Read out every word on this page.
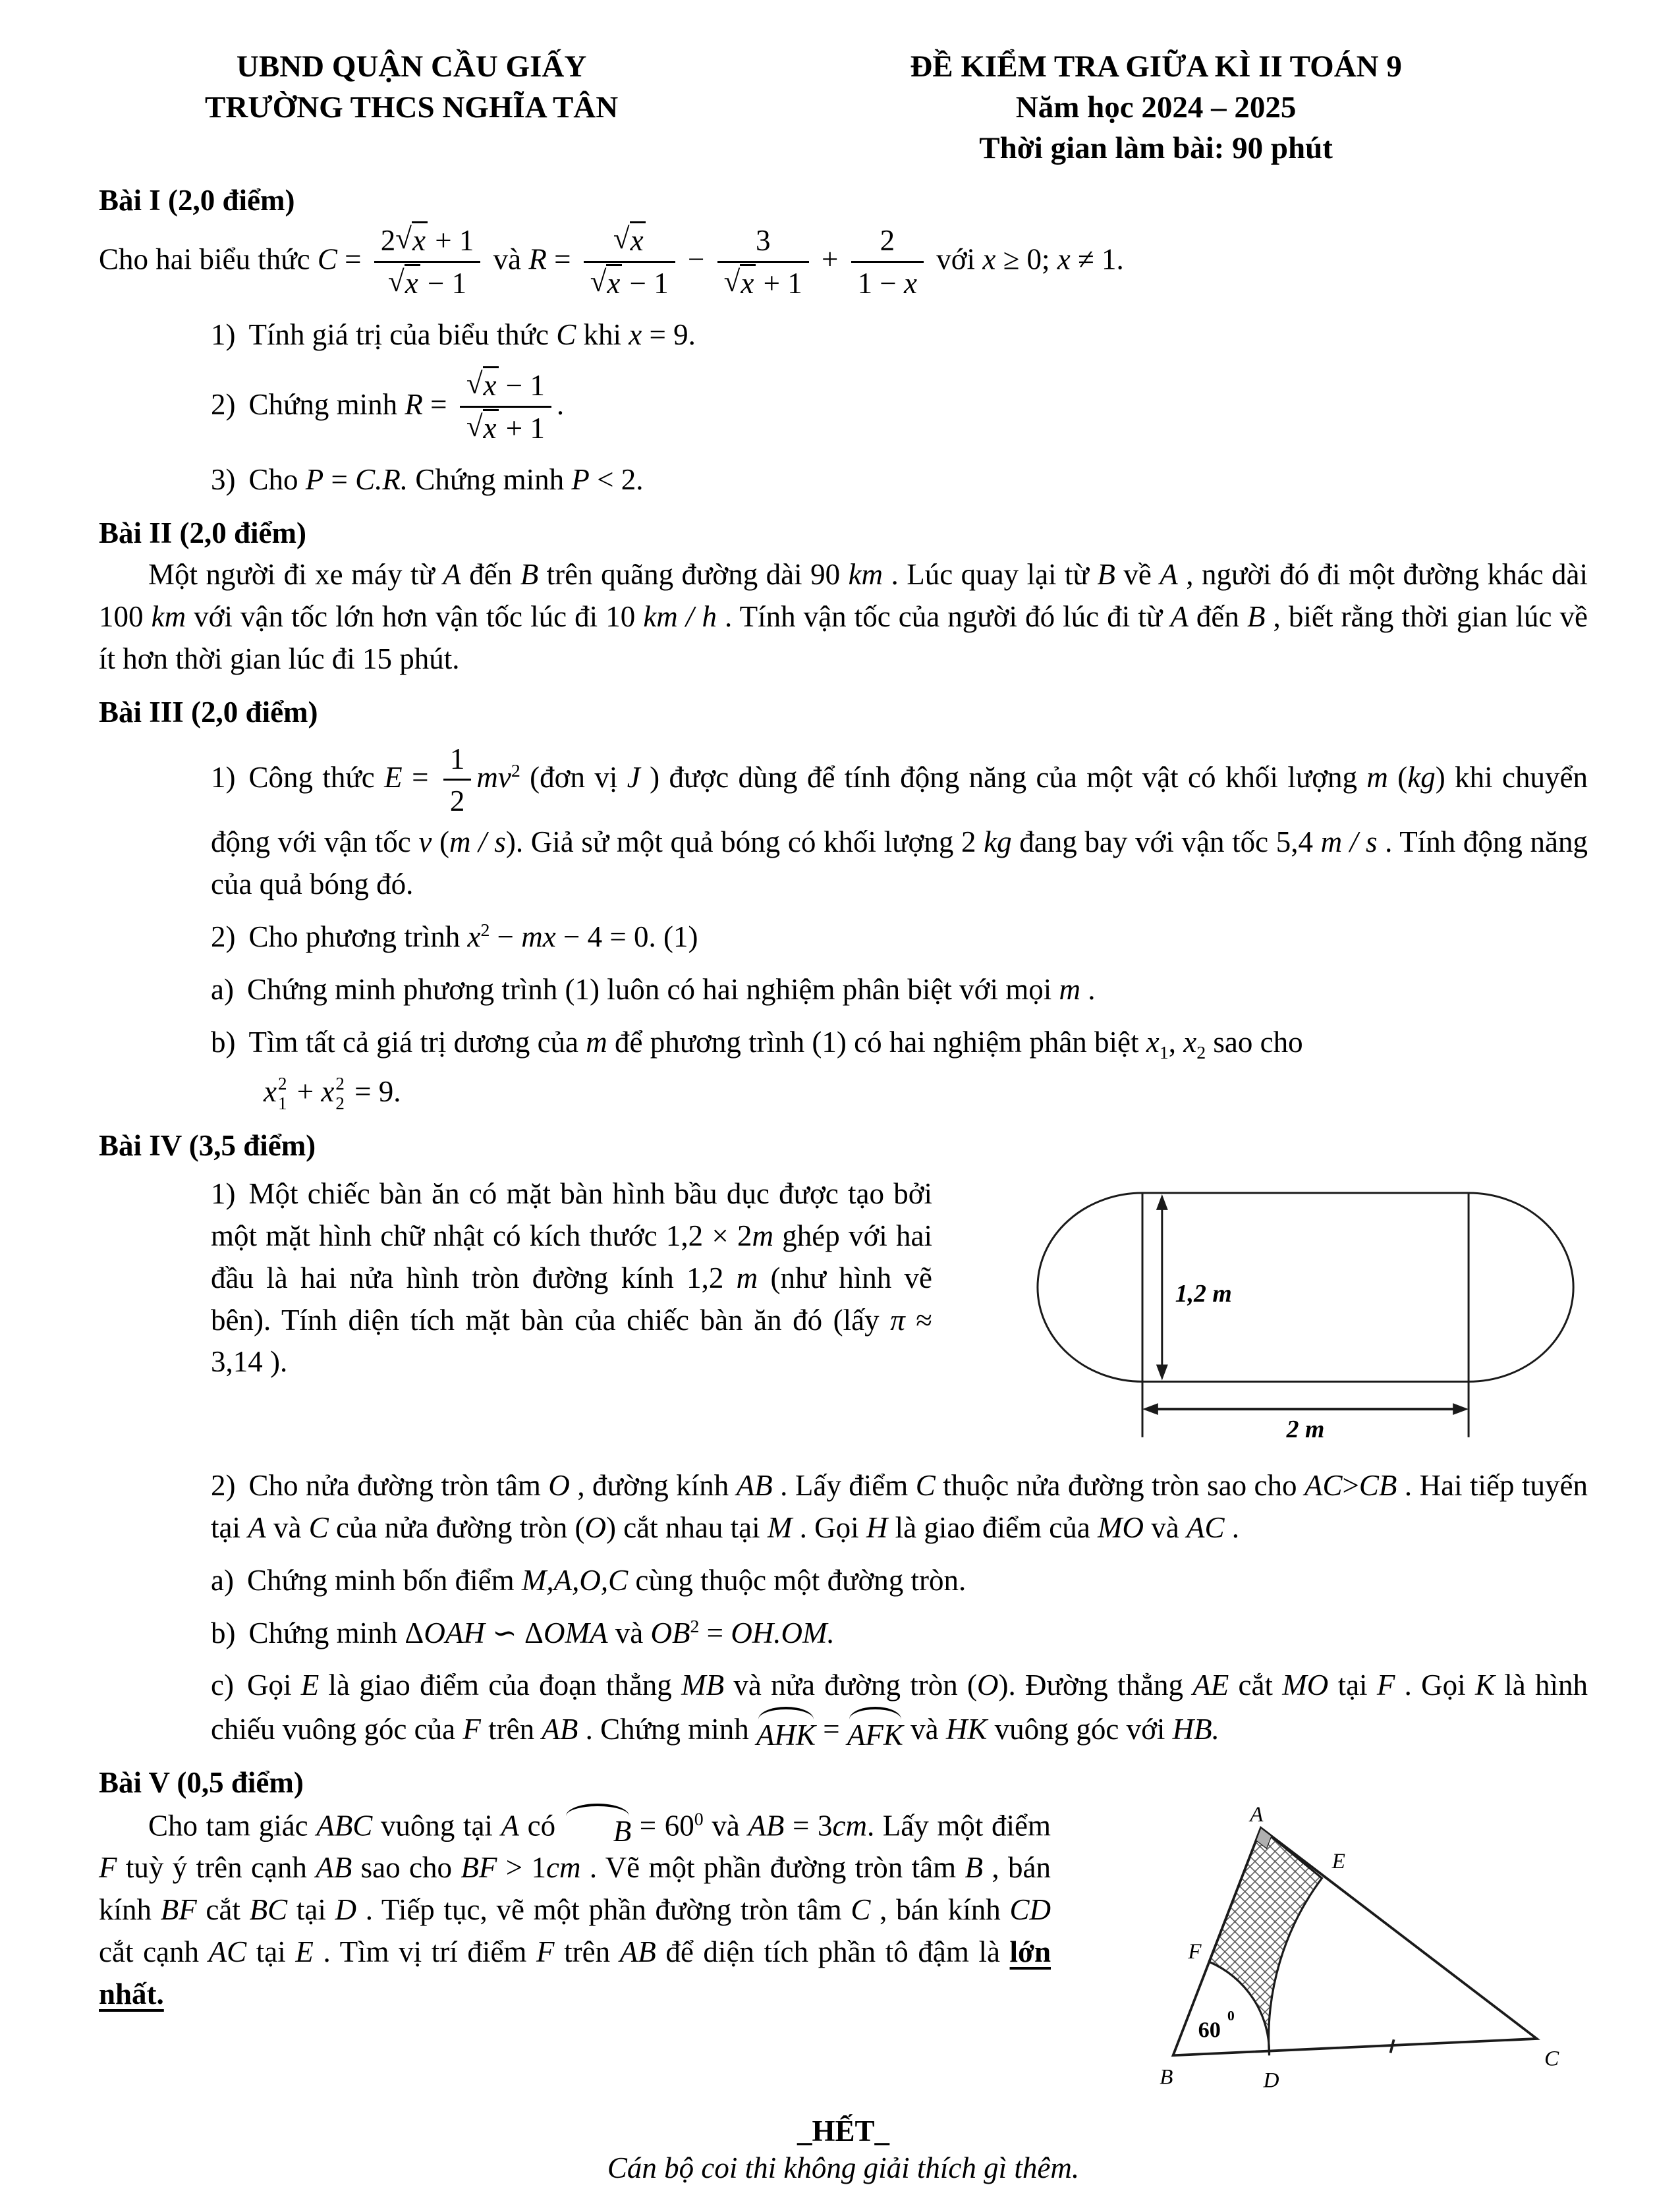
UBND QUẬN CẦU GIẤY
TRƯỜNG THCS NGHĨA TÂN
ĐỀ KIỂM TRA GIỮA KÌ II TOÁN 9
Năm học 2024 – 2025
Thời gian làm bài: 90 phút
Bài I (2,0 điểm)
Cho hai biểu thức $C = \frac{2√x + 1}{√x - 1}$ và $R = \frac{√x}{√x - 1} - \frac{3}{√x + 1} + \frac{2}{1 - x}$ với x ≥ 0; x ≠ 1.
1) Tính giá trị của biểu thức C khi x = 9.
2) Chứng minh $R = \frac{√x - 1}{√x + 1}$ .
3) Cho P = C.R. Chứng minh P < 2.
Bài II (2,0 điểm)
Một người đi xe máy từ A đến B trên quãng đường dài 90 km . Lúc quay lại từ B về A , người đó đi một đường khác dài 100 km với vận tốc lớn hơn vận tốc lúc đi 10 km / h . Tính vận tốc của người đó lúc đi từ A đến B , biết rằng thời gian lúc về ít hơn thời gian lúc đi 15 phút.
Bài III (2,0 điểm)
1) Công thức $E = \frac{1}{2} mv^2$ (đơn vị J ) được dùng để tính động năng của một vật có khối lượng m (kg) khi chuyển động với vận tốc v (m / s). Giả sử một quả bóng có khối lượng 2 kg đang bay với vận tốc 5,4 m / s . Tính động năng của quả bóng đó.
2) Cho phương trình $x^2$ − mx − 4 = 0. (1)
a) Chứng minh phương trình (1) luôn có hai nghiệm phân biệt với mọi m .
b) Tìm tất cả giá trị dương của m để phương trình (1) có hai nghiệm phân biệt $x_1$, $x_2$ sao cho
x 2
1 + x 2
2 = 9.
Bài IV (3,5 điểm)
1,2 m
2 m
1) Một chiếc bàn ăn có mặt bàn hình bầu dục được tạo bởi một mặt hình chữ nhật có kích thước 1,2 × 2m ghép với hai đầu là hai nửa hình tròn đường kính 1,2 m (như hình vẽ bên). Tính diện tích mặt bàn của chiếc bàn ăn đó (lấy π ≈ 3,14 ).
2) Cho nửa đường tròn tâm O , đường kính AB . Lấy điểm C thuộc nửa đường tròn sao cho AC>CB . Hai tiếp tuyến tại A và C của nửa đường tròn (O) cắt nhau tại M . Gọi H là giao điểm của MO và AC .
a) Chứng minh bốn điểm M,A,O,C cùng thuộc một đường tròn.
b) Chứng minh ΔOAH ∽ ΔOMA và $OB^2 = OH.OM$.
c) Gọi E là giao điểm của đoạn thẳng MB và nửa đường tròn (O). Đường thẳng AE cắt MO tại F . Gọi K là hình chiếu vuông góc của F trên AB . Chứng minh AHK = AFK và HK vuông góc với HB.
Bài V (0,5 điểm)
A
E
F
B	D
C
60
0
Cho tam giác ABC vuông tại A có	$B = 60^0$ và AB = 3cm. Lấy một điểm F tuỳ ý trên cạnh AB sao cho BF > 1cm . Vẽ một phần đường tròn tâm B , bán kính BF cắt BC tại D . Tiếp tục, vẽ một phần đường tròn tâm C , bán kính CD cắt cạnh AC tại E . Tìm vị trí điểm F trên AB để diện tích phần tô đậm là lớn nhất.
_HẾT_
Cán bộ coi thi không giải thích gì thêm.
